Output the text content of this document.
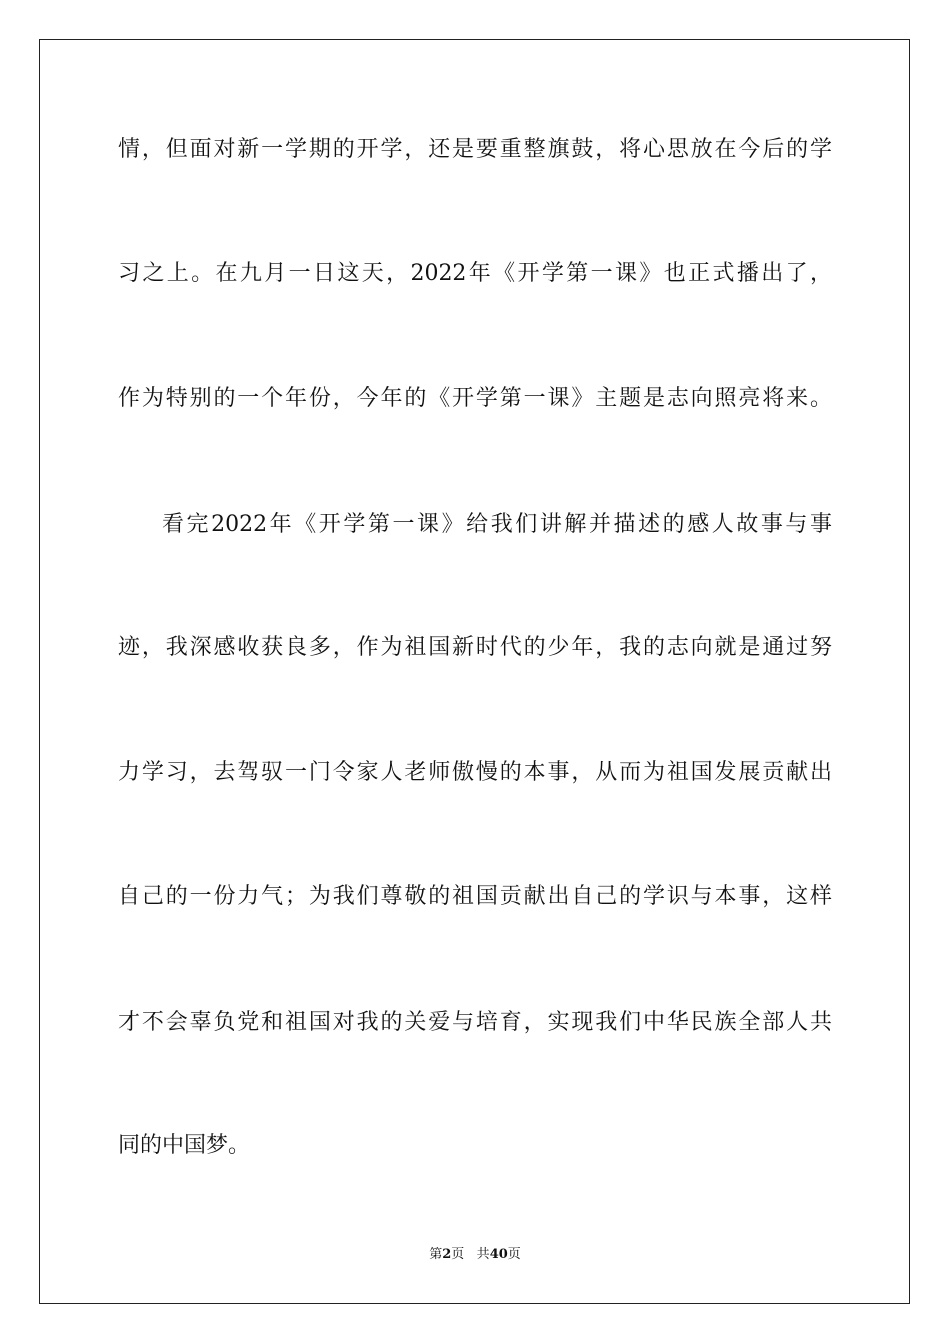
情，但面对新一学期的开学，还是要重整旗鼓，将心思放在今后的学
习之上。在九月一日这天，2022年《开学第一课》也正式播出了，
作为特别的一个年份，今年的《开学第一课》主题是志向照亮将来。
看完2022年《开学第一课》给我们讲解并描述的感人故事与事
迹，我深感收获良多，作为祖国新时代的少年，我的志向就是通过努
力学习，去驾驭一门令家人老师傲慢的本事，从而为祖国发展贡献出
自己的一份力气；为我们尊敬的祖国贡献出自己的学识与本事，这样
才不会辜负党和祖国对我的关爱与培育，实现我们中华民族全部人共
同的中国梦。
第2页 共40页
